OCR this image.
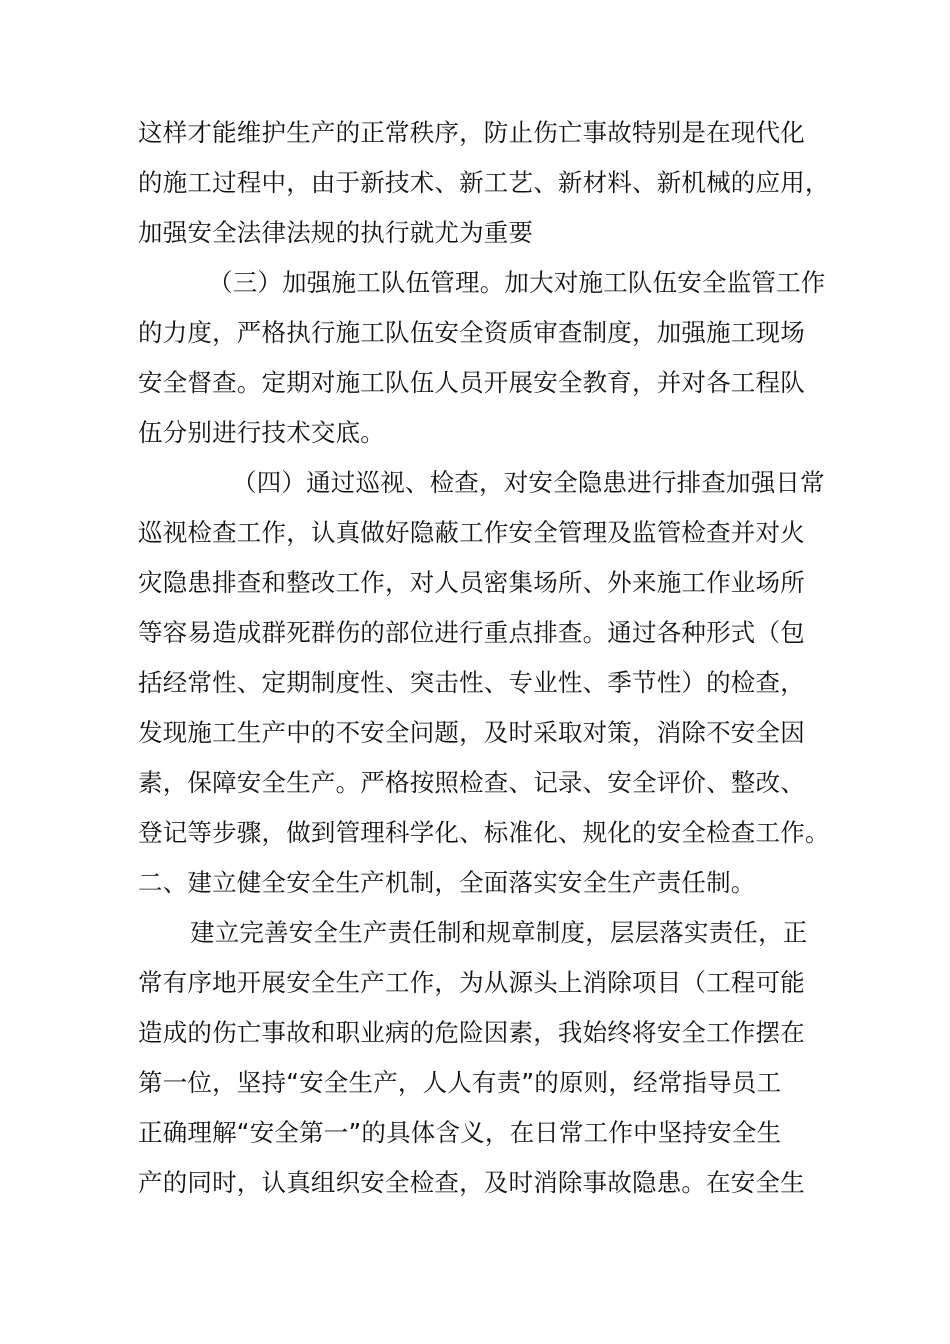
这样才能维护生产的正常秩序，防止伤亡事故特别是在现代化
的施工过程中，由于新技术、新工艺、新材料、新机械的应用，
加强安全法律法规的执行就尤为重要
（三）加强施工队伍管理。加大对施工队伍安全监管工作
的力度，严格执行施工队伍安全资质审查制度，加强施工现场
安全督查。定期对施工队伍人员开展安全教育，并对各工程队
伍分别进行技术交底。
（四）通过巡视、检查，对安全隐患进行排查加强日常
巡视检查工作，认真做好隐蔽工作安全管理及监管检查并对火
灾隐患排查和整改工作，对人员密集场所、外来施工作业场所
等容易造成群死群伤的部位进行重点排查。通过各种形式（包
括经常性、定期制度性、突击性、专业性、季节性）的检查，
发现施工生产中的不安全问题，及时采取对策，消除不安全因
素，保障安全生产。严格按照检查、记录、安全评价、整改、
登记等步骤，做到管理科学化、标准化、规化的安全检查工作。
二、建立健全安全生产机制，全面落实安全生产责任制。
建立完善安全生产责任制和规章制度，层层落实责任，正
常有序地开展安全生产工作，为从源头上消除项目（工程可能
造成的伤亡事故和职业病的危险因素，我始终将安全工作摆在
第一位，坚持“安全生产，人人有责”的原则，经常指导员工
正确理解“安全第一”的具体含义，在日常工作中坚持安全生
产的同时，认真组织安全检查，及时消除事故隐患。在安全生
